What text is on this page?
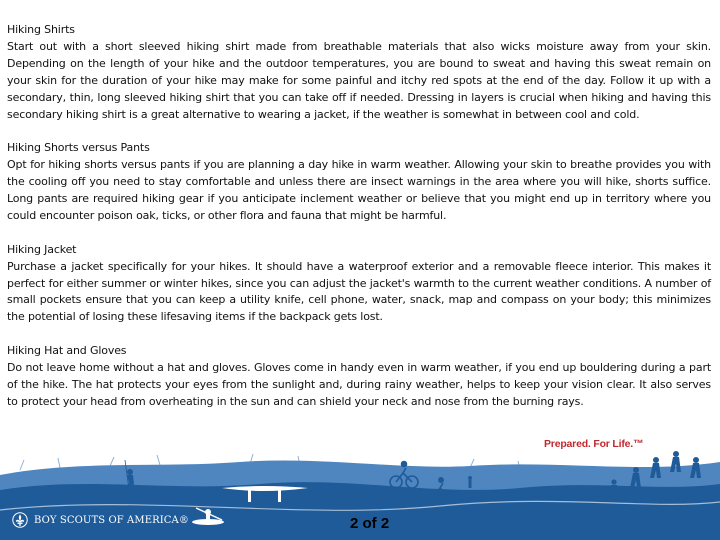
Hiking Shirts

Start out with a short sleeved hiking shirt made from breathable materials that also wicks moisture away from your skin. Depending on the length of your hike and the outdoor temperatures, you are bound to sweat and having this sweat remain on your skin for the duration of your hike may make for some painful and itchy red spots at the end of the day. Follow it up with a secondary, thin, long sleeved hiking shirt that you can take off if needed. Dressing in layers is crucial when hiking and having this secondary hiking shirt is a great alternative to wearing a jacket, if the weather is somewhat in between cool and cold.

Hiking Shorts versus Pants

Opt for hiking shorts versus pants if you are planning a day hike in warm weather. Allowing your skin to breathe provides you with the cooling off you need to stay comfortable and unless there are insect warnings in the area where you will hike, shorts suffice. Long pants are required hiking gear if you anticipate inclement weather or believe that you might end up in territory where you could encounter poison oak, ticks, or other flora and fauna that might be harmful.

Hiking Jacket

Purchase a jacket specifically for your hikes. It should have a waterproof exterior and a removable fleece interior. This makes it perfect for either summer or winter hikes, since you can adjust the jacket's warmth to the current weather conditions. A number of small pockets ensure that you can keep a utility knife, cell phone, water, snack, map and compass on your body; this minimizes the potential of losing these lifesaving items if the backpack gets lost.

Hiking Hat and Gloves

Do not leave home without a hat and gloves. Gloves come in handy even in warm weather, if you end up bouldering during a part of the hike. The hat protects your eyes from the sunlight and, during rainy weather, helps to keep your vision clear. It also serves to protect your head from overheating in the sun and can shield your neck and nose from the burning rays.

Prepared. For Life.™
BOY SCOUTS OF AMERICA®	2 of 2
